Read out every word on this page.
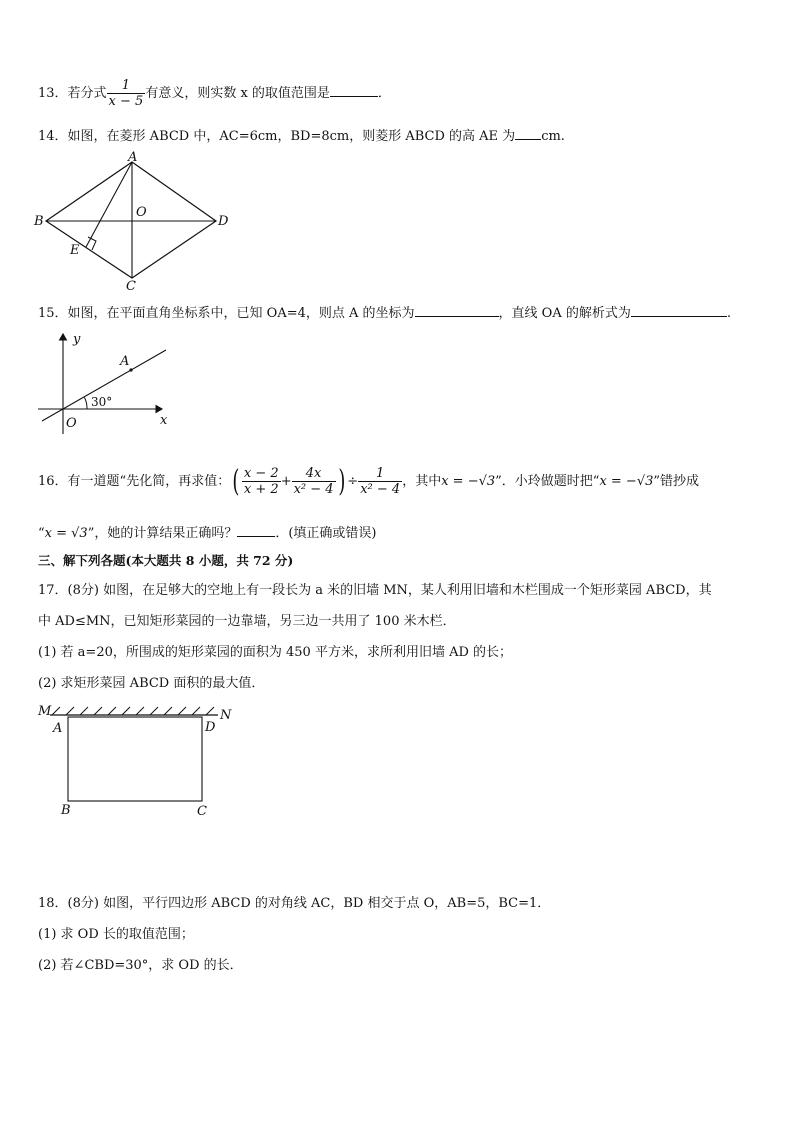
13．若分式 $\frac{1}{x - 5}$ 有意义，则实数 x 的取值范围是	．
14．如图，在菱形 ABCD 中，AC=6cm，BD=8cm，则菱形 ABCD 的高 AE 为 cm.
A
B
C
D
O
E
15．如图，在平面直角坐标系中，已知 OA=4，则点 A 的坐标为	，直线 OA 的解析式为	.
y
x
A
O
30°
16．有一道题“先化简，再求值：( $\frac{x - 2}{x + 2} + \frac{4x}{\text{x² − 4}}$ ) ÷ $\frac{1}{\text{x² − 4}}$ ，其中x = −√3”．小玲做题时把“x = −√3”错抄成
“x = √3”，她的计算结果正确吗？	．(填正确或错误)
三、解下列各题(本大题共 8 小题，共 72 分)
17．(8分) 如图，在足够大的空地上有一段长为 a 米的旧墙 MN，某人利用旧墙和木栏围成一个矩形菜园 ABCD，其
中 AD≤MN，已知矩形菜园的一边靠墙，另三边一共用了 100 米木栏．
(1) 若 a=20，所围成的矩形菜园的面积为 450 平方米，求所利用旧墙 AD 的长；
(2) 求矩形菜园 ABCD 面积的最大值．
M	N
A	D
B	C
18．(8分) 如图，平行四边形 ABCD 的对角线 AC，BD 相交于点 O，AB=5，BC=1．
(1) 求 OD 长的取值范围；
(2) 若∠CBD=30°，求 OD 的长．
